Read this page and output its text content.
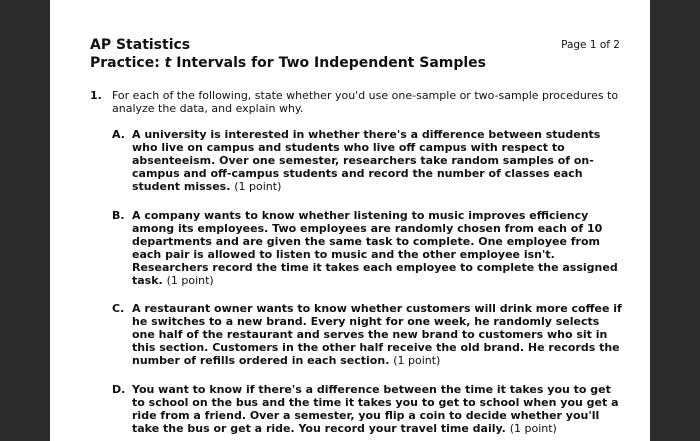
AP Statistics

Practice: t Intervals for Two Independent Samples

Page 1 of 2
1. For each of the following, state whether you'd use one-sample or two-sample procedures to analyze the data, and explain why.
A. A university is interested in whether there's a difference between students who live on campus and students who live off campus with respect to absenteeism. Over one semester, researchers take random samples of on-campus and off-campus students and record the number of classes each student misses. (1 point)
B. A company wants to know whether listening to music improves efficiency among its employees. Two employees are randomly chosen from each of 10 departments and are given the same task to complete. One employee from each pair is allowed to listen to music and the other employee isn't. Researchers record the time it takes each employee to complete the assigned task. (1 point)
C. A restaurant owner wants to know whether customers will drink more coffee if he switches to a new brand. Every night for one week, he randomly selects one half of the restaurant and serves the new brand to customers who sit in this section. Customers in the other half receive the old brand. He records the number of refills ordered in each section. (1 point)
D. You want to know if there's a difference between the time it takes you to get to school on the bus and the time it takes you to get to school when you get a ride from a friend. Over a semester, you flip a coin to decide whether you'll take the bus or get a ride. You record your travel time daily. (1 point)
